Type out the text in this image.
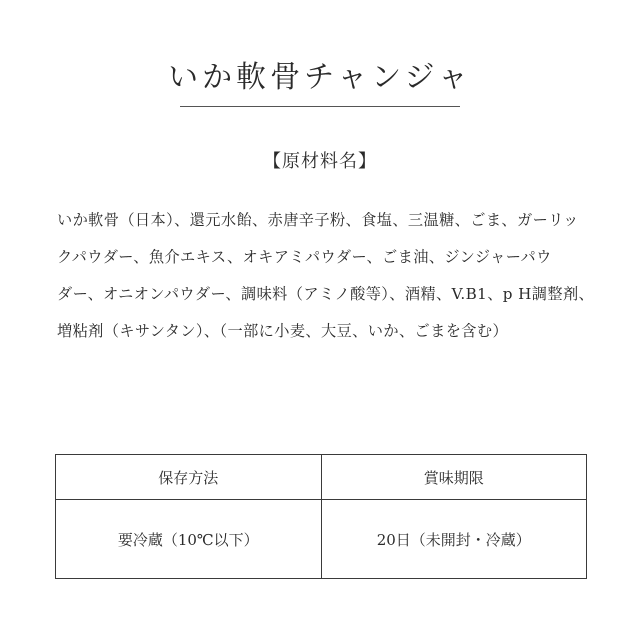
いか軟骨チャンジャ
【原材料名】
いか軟骨（日本）、還元水飴、赤唐辛子粉、食塩、三温糖、ごま、ガーリッ
クパウダー、魚介エキス、オキアミパウダー、ごま油、ジンジャーパウ
ダー、オニオンパウダー、調味料（アミノ酸等）、酒精、V.B1、p H調整剤、
増粘剤（キサンタン）、（一部に小麦、大豆、いか、ごまを含む）
保存方法	賞味期限
要冷蔵（10℃以下）	20日（未開封・冷蔵）
